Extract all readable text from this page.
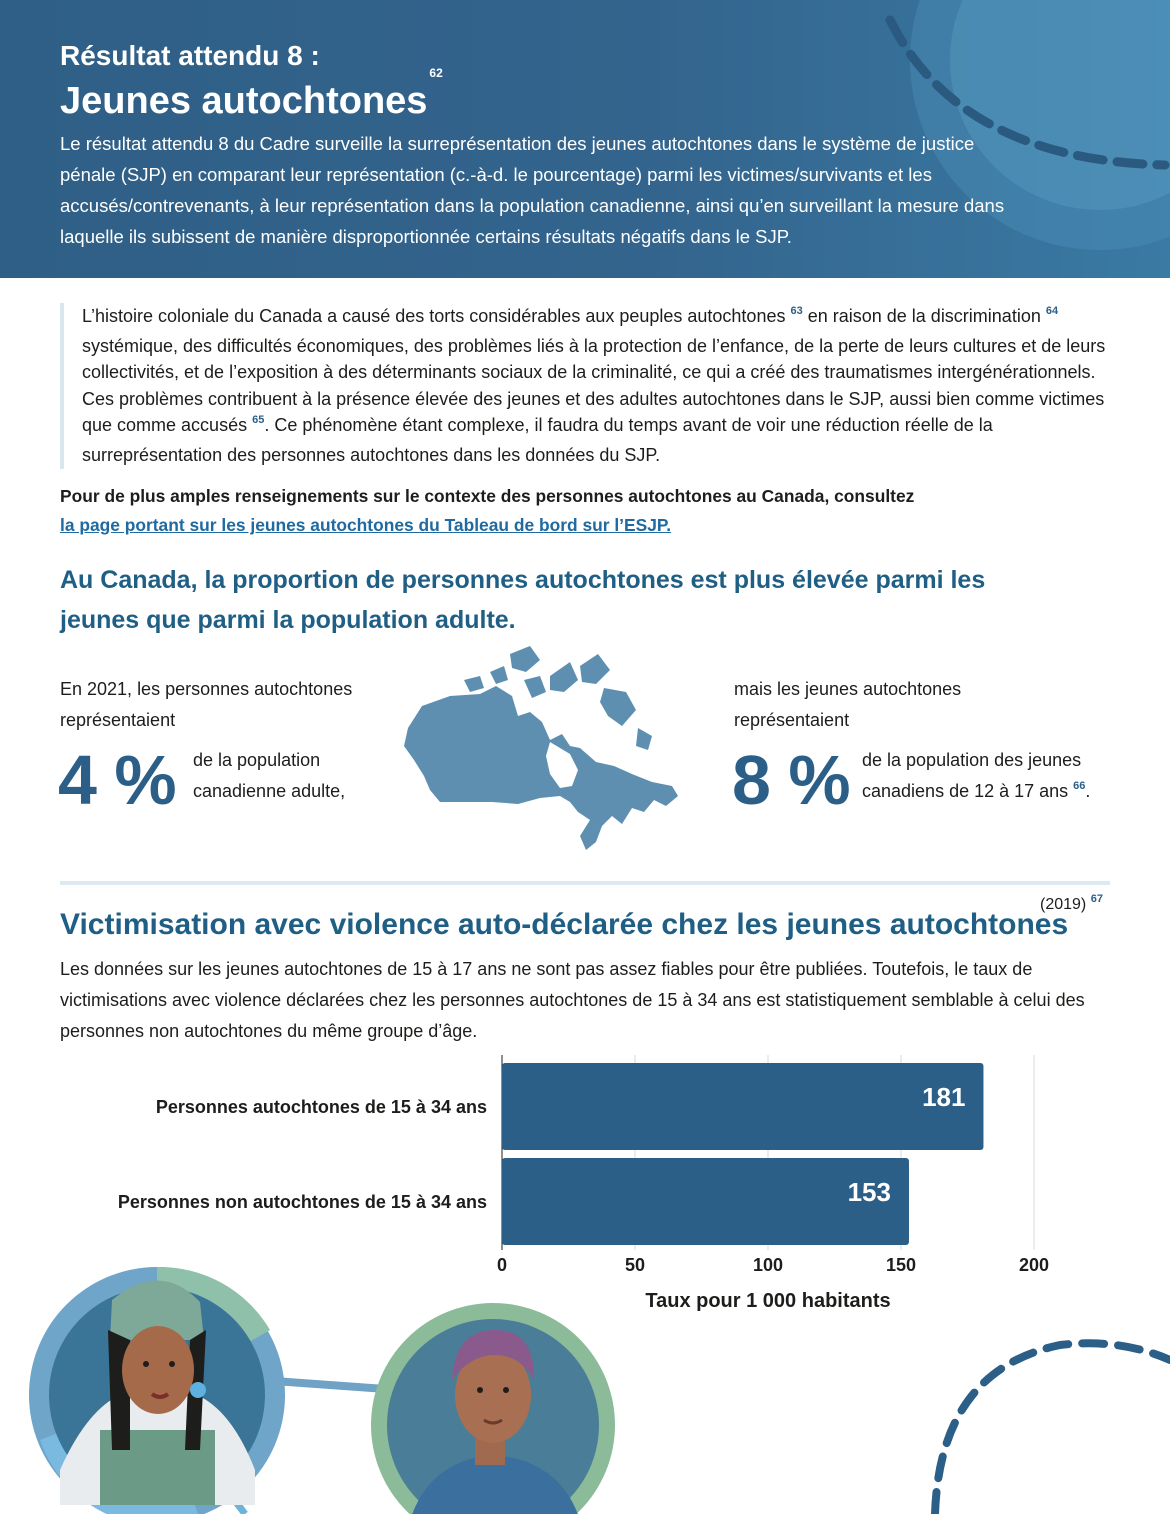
Résultat attendu 8 :
Jeunes autochtones$^{62}$

Le résultat attendu 8 du Cadre surveille la surreprésentation des jeunes autochtones dans le système de justice pénale (SJP) en comparant leur représentation (c.-à-d. le pourcentage) parmi les victimes/survivants et les accusés/contrevenants, à leur représentation dans la population canadienne, ainsi qu’en surveillant la mesure dans laquelle ils subissent de manière disproportionnée certains résultats négatifs dans le SJP.

L’histoire coloniale du Canada a causé des torts considérables aux peuples autochtones $^{63}$ en raison de la discrimination $^{64}$ systémique, des difficultés économiques, des problèmes liés à la protection de l’enfance, de la perte de leurs cultures et de leurs collectivités, et de l’exposition à des déterminants sociaux de la criminalité, ce qui a créé des traumatismes intergénérationnels. Ces problèmes contribuent à la présence élevée des jeunes et des adultes autochtones dans le SJP, aussi bien comme victimes que comme accusés $^{65}$. Ce phénomène étant complexe, il faudra du temps avant de voir une réduction réelle de la surreprésentation des personnes autochtones dans les données du SJP.

Pour de plus amples renseignements sur le contexte des personnes autochtones au Canada, consultez
la page portant sur les jeunes autochtones du Tableau de bord sur l’ESJP.

Au Canada, la proportion de personnes autochtones est plus élevée parmi les jeunes que parmi la population adulte.

En 2021, les personnes autochtones représentaient

4 % de la population canadienne adulte,

mais les jeunes autochtones représentaient

8 % de la population des jeunes canadiens de 12 à 17 ans $^{66}$.

(2019) $^{67}$
Victimisation avec violence auto-déclarée chez les jeunes autochtones

Les données sur les jeunes autochtones de 15 à 17 ans ne sont pas assez fiables pour être publiées. Toutefois, le taux de victimisations avec violence déclarées chez les personnes autochtones de 15 à 34 ans est statistiquement semblable à celui des personnes non autochtones du même groupe d’âge.

181
Personnes autochtones de 15 à 34 ans
153
Personnes non autochtones de 15 à 34 ans
0	50	100	150	200
Taux pour 1 000 habitants
